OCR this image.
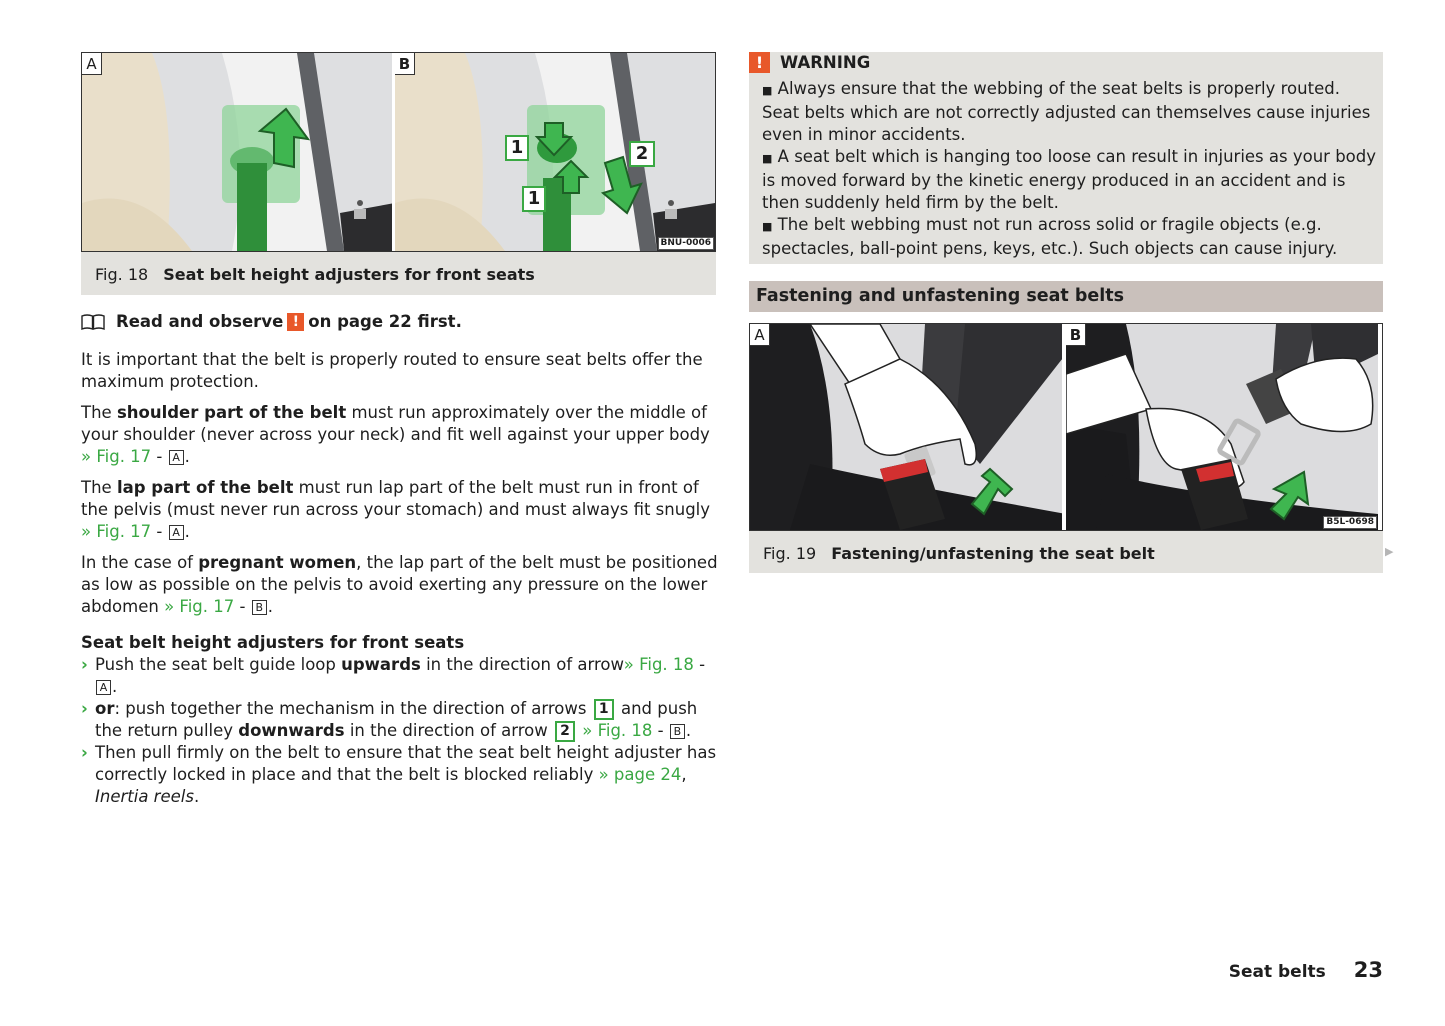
A	B
1
1
2
BNU-0006
Fig. 18 Seat belt height adjusters for front seats
Read and observe ! on page 22 first.

It is important that the belt is properly routed to ensure seat belts offer the maximum protection.

The shoulder part of the belt must run approximately over the middle of your shoulder (never across your neck) and fit well against your upper body » Fig. 17 - A .

The lap part of the belt must run lap part of the belt must run in front of the pelvis (must never run across your stomach) and must always fit snugly » Fig. 17 - A .

In the case of pregnant women, the lap part of the belt must be positioned as low as possible on the pelvis to avoid exerting any pressure on the lower abdomen » Fig. 17 - B .

Seat belt height adjusters for front seats
› Push the seat belt guide loop upwards in the direction of arrow» Fig. 18 - A .
› or: push together the mechanism in the direction of arrows 1 and push the return pulley downwards in the direction of arrow 2 » Fig. 18 - B .
› Then pull firmly on the belt to ensure that the seat belt height adjuster has correctly locked in place and that the belt is blocked reliably » page 24, Inertia reels.
!	WARNING

■ Always ensure that the webbing of the seat belts is properly routed. Seat belts which are not correctly adjusted can themselves cause injuries even in minor accidents.

■ A seat belt which is hanging too loose can result in injuries as your body is moved forward by the kinetic energy produced in an accident and is then suddenly held firm by the belt.

■ The belt webbing must not run across solid or fragile objects (e.g. spectacles, ball-point pens, keys, etc.). Such objects can cause injury.

Fastening and unfastening seat belts
A	B
B5L-0698
Fig. 19 Fastening/unfastening the seat belt	▶
Seat belts 23
